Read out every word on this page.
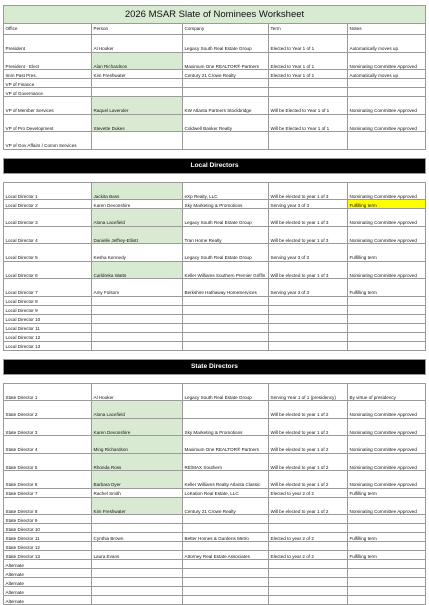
2026 MSAR Slate of Nominees Worksheet				
Office	Person	Company	Term	Notes
President	Al Hooker	Legacy South Real Estate Group	Elected to Year 1 of 1	Automatically moves up
President - Elect	Alan Richardson	Maximum One REALTOR® Partners	Elected to Year 1 of 1	Nominating Committee Approved
Imm Past Pres.	Kim Freshwater	Century 21 Crowe Realty	Elected to Year 1 of 1	Automatically moves up
VP of Finance				
VP of Governance				
VP of Member Services	Raquel Lavender	KW Atlanta Partners Stockbridge	Will be Elected to Year 1 of 1	Nominating Committee Approved
VP of Pro Development	Stevette Dukes	Coldwell Banker Realty	Will be Elected to Year 1 of 1	Nominating Committee Approved
VP of Gov Affairs / Comm Services				

Local Directors				

Local Director 1	Jackita Bass	eXp Realty, LLC	Will be elected to year 1 of 3	Nominating Committee Approved
Local Director 2	Karen Devonshire	Sky Marketing & Promotions	Serving year 3 of 3	Fulfilling term
Local Director 3	Alona Lacefield	Legacy South Real Estate Group	Will be elected to year 1 of 3	Nominating Committee Approved
Local Director 4	Danielle Jeffrey-Elliott	Tran Home Realty	Will be elected to year 1 of 3	Nominating Committee Approved
Local Director 5	Kesha Kennedy	Legacy South Real Estate Group	Serving year 3 of 3	Fulfilling term
Local Director 6	Carldreka Watts	Keller Williams Southern Premier Griffin	Will be elected to year 1 of 3	Nominating Committee Approved
Local Director 7	Amy Folsom	Berkshire Hathaway HomeServices	Serving year 3 of 3	Fulfilling term
Local Director 8				
Local Director 9				
Local Director 10				
Local Director 11				
Local Director 12				
Local Director 13				

State Directors				

State Director 1	Al Hooker	Legacy South Real Estate Group	Serving Year 1 of 1 (presidency)	By virtue of presidency
State Director 2	Alona Lacefield		Will be elected to year 1 of 2	Nominating Committee Approved
State Director 3	Karen Devonshire	Sky Marketing & Promotions	Will be elected to year 1 of 2	Nominating Committee Approved
State Director 4	Ming Richardson	Maximum One REALTOR® Partners	Will be elected to year 1 of 2	Nominating Committee Approved
State Director 5	Rhonda Ross	RE/MAX Southern	Will be elected to year 1 of 2	Nominating Committee Approved
State Director 6	Barbara Dyer	Keller Williams Realty Atlanta Classic	Will be elected to year 1 of 2	Nominating Committee Approved
State Director 7	Rachel Smith	LoKation Real Estate, LLC	Elected to year 2 of 2	Fulfilling term
State Director 8	Kim Freshwater	Century 21 Crowe Realty	Will be elected to year 1 of 2	Nominating Committee Approved
State Director 9				
State Director 10				
State Director 11	Cynthia Brown	Better Homes & Gardens Metro	Elected to year 2 of 2	Fulfilling term
State Director 12				
State Director 13	Laura Evans	Attorney Real Estate Associates	Elected to year 2 of 2	Fulfilling term
Alternate				
Alternate				
Alternate				
Alternate				
Alternate				
